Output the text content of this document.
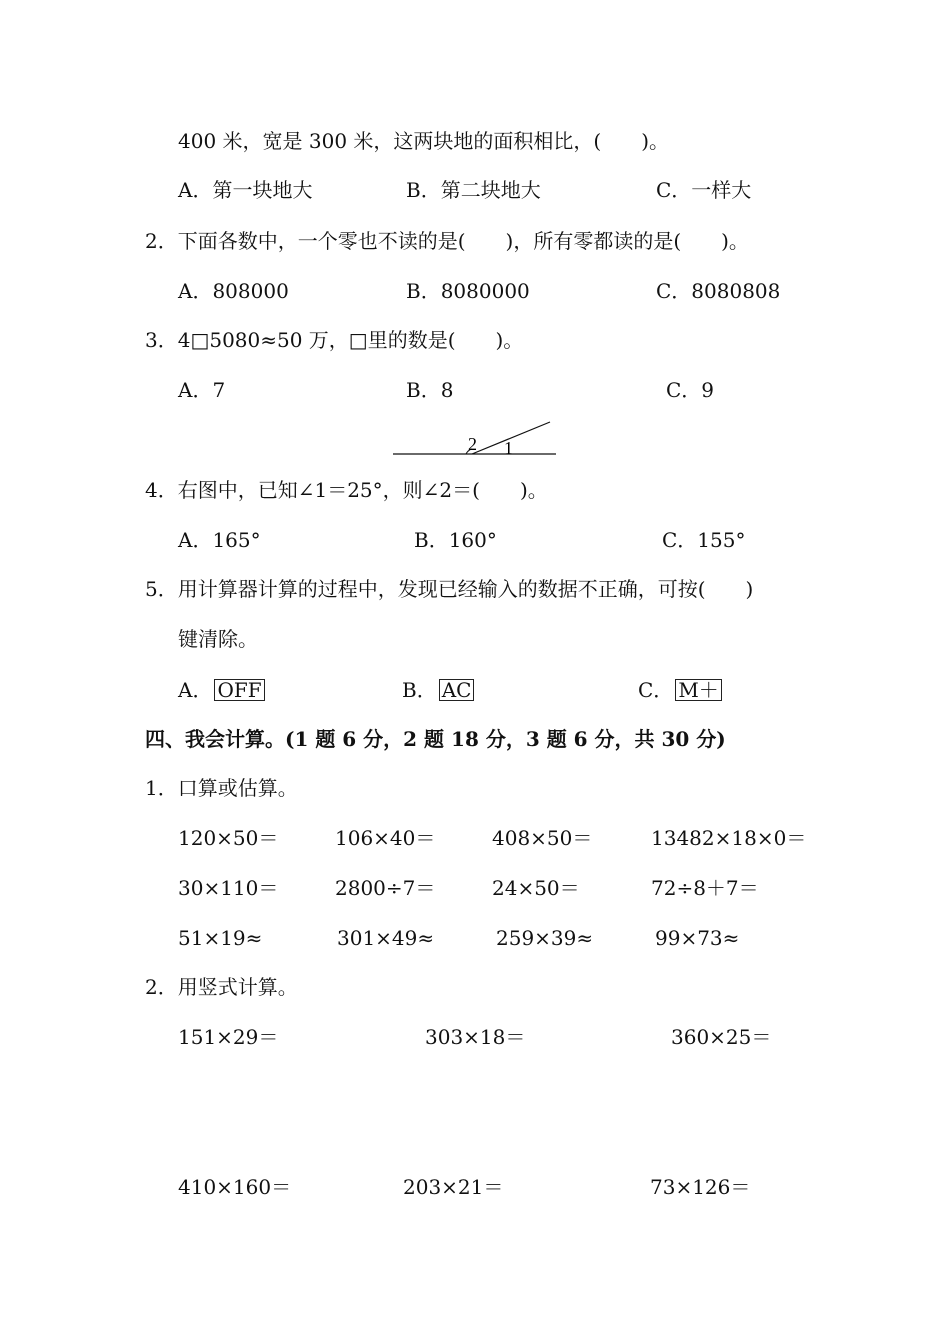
400 米，宽是 300 米，这两块地的面积相比，(　　)。
A．第一块地大	B．第二块地大	C．一样大
2．下面各数中，一个零也不读的是(　　)，所有零都读的是(　　)。
A．808000	B．8080000	C．8080808
3．4□5080≈50 万，□里的数是(　　)。
A．7	B．8	C．9
2 1
4．右图中，已知∠1＝25°，则∠2＝(　　)。
A．165°	B．160°	C．155°
5．用计算器计算的过程中，发现已经输入的数据不正确，可按(　　)
键清除。
A． OFF	B． AC	C． M＋
四、我会计算。(1 题 6 分，2 题 18 分，3 题 6 分，共 30 分)
1．口算或估算。
120×50＝	106×40＝	408×50＝	13482×18×0＝
30×110＝	2800÷7＝	24×50＝	72÷8＋7＝
51×19≈	301×49≈	259×39≈	99×73≈
2．用竖式计算。
151×29＝	303×18＝	360×25＝
410×160＝	203×21＝	73×126＝
